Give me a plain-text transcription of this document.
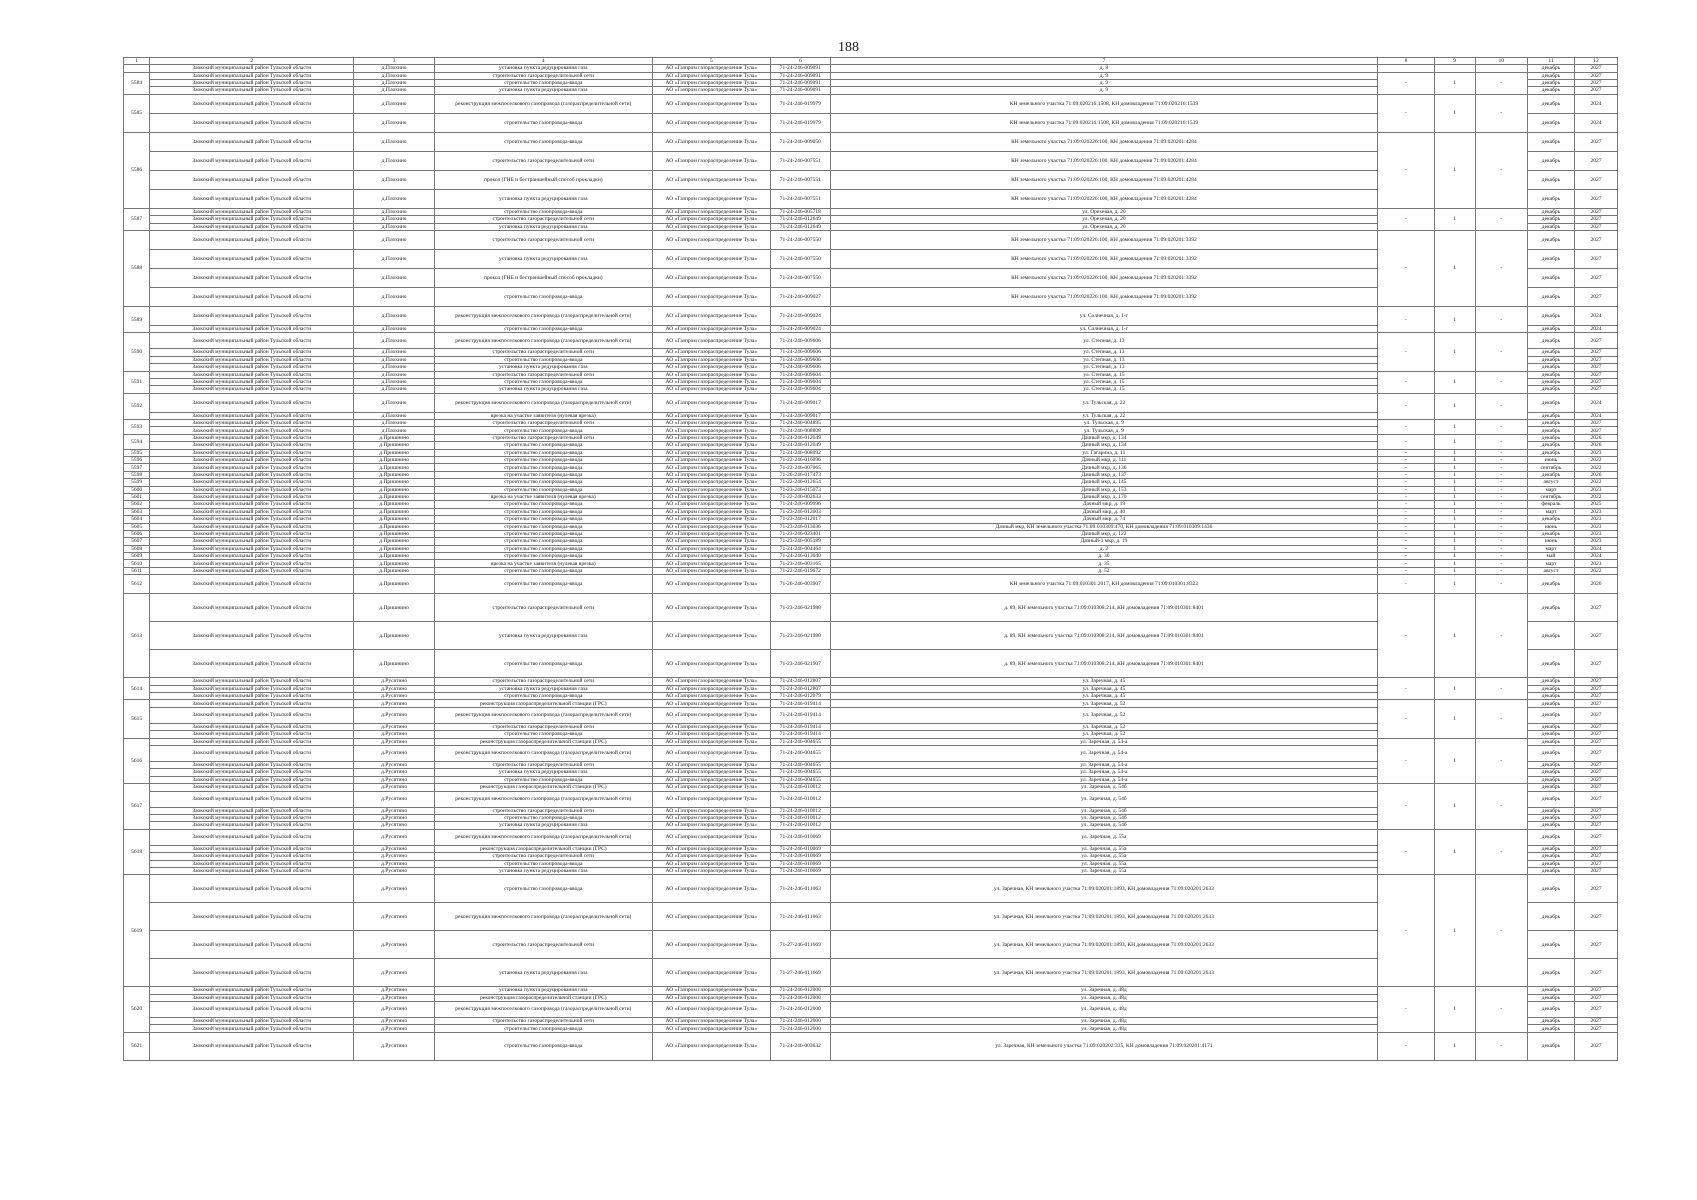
188
1	2	3	4	5	6	7	8	9	10	11	12
	Заокский муниципальный район Тульской области	д.Плохино	установка пункта редуцирования газа	АО «Газпром газораспределение Тула»	71-24-246-009091	д. 8				декабрь	2027
5584	Заокский муниципальный район Тульской области	д.Плохино	строительство газораспределительной сети	АО «Газпром газораспределение Тула»	71-24-246-009091	д. 9	-	1	-	декабрь	2027
	Заокский муниципальный район Тульской области	д.Плохино	строительство газопровода-ввода	АО «Газпром газораспределение Тула»	71-24-246-009091	д. 9				декабрь	2027
	Заокский муниципальный район Тульской области	д.Плохино	установка пункта редуцирования газа	АО «Газпром газораспределение Тула»	71-24-246-009091	д. 9				декабрь	2027
5585	Заокский муниципальный район Тульской области	д.Плохино	реконструкция межпоселкового газопровода (газораспределительной сети)	АО «Газпром газораспределение Тула»	71-24-246-019979	КН земельного участка 71:09:020216:1508, КН домовладения 71:09:020216:1539	-	1	-	декабрь	2024
	Заокский муниципальный район Тульской области	д.Плохино	строительство газопровода-ввода	АО «Газпром газораспределение Тула»	71-24-246-019979	КН земельного участка 71:09:020216:1508, КН домовладения 71:09:020216:1539				декабрь	2024
5586	Заокский муниципальный район Тульской области	д.Плохино	строительство газопровода-ввода	АО «Газпром газораспределение Тула»	71-24-246-009050	КН земельного участка 71:09:020226:100, КН домовладения 71:09:020201:4284	-	1	-	декабрь	2027
	Заокский муниципальный район Тульской области	д.Плохино	строительство газораспределительной сети	АО «Газпром газораспределение Тула»	71-24-246-007551	КН земельного участка 71:09:020226:100, КН домовладения 71:09:020201:4284				декабрь	2027
	Заокский муниципальный район Тульской области	д.Плохино	прокол (ГНБ и бестраншейный способ прокладки)	АО «Газпром газораспределение Тула»	71-24-246-007551	КН земельного участка 71:09:020226:100, КН домовладения 71:09:020201:4284				декабрь	2027
	Заокский муниципальный район Тульской области	д.Плохино	установка пункта редуцирования газа	АО «Газпром газораспределение Тула»	71-24-246-007551	КН земельного участка 71:09:020226:100, КН домовладения 71:09:020201:4284				декабрь	2027
5587	Заокский муниципальный район Тульской области	д.Плохино	строительство газопровода-ввода	АО «Газпром газораспределение Тула»	71-24-246-005718	ул. Орехевая, д. 20	-	1	-	декабрь	2027
	Заокский муниципальный район Тульской области	д.Плохино	строительство газораспределительной сети	АО «Газпром газораспределение Тула»	71-24-246-012649	ул. Орехевая, д. 20				декабрь	2027
	Заокский муниципальный район Тульской области	д.Плохино	установка пункта редуцирования газа	АО «Газпром газораспределение Тула»	71-24-246-012649	ул. Орехевая, д. 20				декабрь	2027
5588	Заокский муниципальный район Тульской области	д.Плохино	строительство газораспределительной сети	АО «Газпром газораспределение Тула»	71-24-246-007550	КН земельного участка 71:09:020226:100, КН домовладения 71:09:020201:3392	-	1	-	декабрь	2027
	Заокский муниципальный район Тульской области	д.Плохино	установка пункта редуцирования газа	АО «Газпром газораспределение Тула»	71-24-246-007550	КН земельного участка 71:09:020226:100, КН домовладения 71:09:020201:3392				декабрь	2027
	Заокский муниципальный район Тульской области	д.Плохино	прокол (ГНБ и бестраншейный способ прокладки)	АО «Газпром газораспределение Тула»	71-24-246-007550	КН земельного участка 71:09:020226:100, КН домовладения 71:09:020201:3392				декабрь	2027
	Заокский муниципальный район Тульской области	д.Плохино	строительство газопровода-ввода	АО «Газпром газораспределение Тула»	71-24-246-009027	КН земельного участка 71:09:020226:100, КН домовладения 71:09:020201:3392				декабрь	2027
5589	Заокский муниципальный район Тульской области	д.Плохино	реконструкция межпоселкового газопровода (газораспределительной сети)	АО «Газпром газораспределение Тула»	71-24-246-009024	ул. Солнечная, д. 1-г	-	1	-	декабрь	2024
	Заокский муниципальный район Тульской области	д.Плохино	строительство газопровода-ввода	АО «Газпром газораспределение Тула»	71-24-246-009024	ул. Солнечная, д. 1-г				декабрь	2024
5590	Заокский муниципальный район Тульской области	д.Плохино	реконструкция межпоселкового газопровода (газораспределительной сети)	АО «Газпром газораспределение Тула»	71-24-246-009606	ул. Степная, д. 13	-	1	-	декабрь	2027
	Заокский муниципальный район Тульской области	д.Плохино	строительство газораспределительной сети	АО «Газпром газораспределение Тула»	71-24-246-009606	ул. Степная, д. 13				декабрь	2027
	Заокский муниципальный район Тульской области	д.Плохино	строительство газопровода-ввода	АО «Газпром газораспределение Тула»	71-24-246-009606	ул. Степная, д. 13				декабрь	2027
	Заокский муниципальный район Тульской области	д.Плохино	установка пункта редуцирования газа	АО «Газпром газораспределение Тула»	71-24-246-009606	ул. Степная, д. 13				декабрь	2027
5591	Заокский муниципальный район Тульской области	д.Плохино	строительство газораспределительной сети	АО «Газпром газораспределение Тула»	71-24-246-009604	ул. Степная, д. 15	-	1	-	декабрь	2027
	Заокский муниципальный район Тульской области	д.Плохино	строительство газопровода-ввода	АО «Газпром газораспределение Тула»	71-24-246-009604	ул. Степная, д. 15				декабрь	2027
	Заокский муниципальный район Тульской области	д.Плохино	установка пункта редуцирования газа	АО «Газпром газораспределение Тула»	71-24-246-009604	ул. Степная, д. 15				декабрь	2027
5592	Заокский муниципальный район Тульской области	д.Плохино	реконструкция межпоселкового газопровода (газораспределительной сети)	АО «Газпром газораспределение Тула»	71-24-246-009017	ул. Тульская, д. 22	-	1	-	декабрь	2024
	Заокский муниципальный район Тульской области	д.Плохино	врезка на участке заявителя (нулевая врезка)	АО «Газпром газораспределение Тула»	71-24-246-009017	ул. Тульская, д. 22				декабрь	2024
5593	Заокский муниципальный район Тульской области	д.Плохино	строительство газораспределительной сети	АО «Газпром газораспределение Тула»	71-24-246-004895	ул. Тульская, д. 9	-	1	-	декабрь	2027
	Заокский муниципальный район Тульской области	д.Плохино	строительство газопровода-ввода	АО «Газпром газораспределение Тула»	71-24-246-008808	ул. Тульская, д. 9				декабрь	2027
5594	Заокский муниципальный район Тульской области	д.Пришнино	строительство газораспределительной сети	АО «Газпром газораспределение Тула»	71-24-246-012049	Дачный мкр, д. 134	-	1	-	декабрь	2026
	Заокский муниципальный район Тульской области	д.Пришнино	строительство газопровода-ввода	АО «Газпром газораспределение Тула»	71-24-246-012049	Дачный мкр, д. 134				декабрь	2026
5595	Заокский муниципальный район Тульской области	д.Пришнино	строительство газопровода-ввода	АО «Газпром газораспределение Тула»	71-24-246-008092	ул. Гагарина, д. 11	-	1	-	декабрь	2023
5596	Заокский муниципальный район Тульской области	д.Пришнино	строительство газопровода-ввода	АО «Газпром газораспределение Тула»	71-22-246-016096	Дачный мкр, д. 111	-	1	-	июнь	2022
5597	Заокский муниципальный район Тульской области	д.Пришнино	строительство газопровода-ввода	АО «Газпром газораспределение Тула»	71-22-246-007065	Дачный мкр, д. 136	-	1	-	сентябрь	2022
5598	Заокский муниципальный район Тульской области	д.Пришнино	строительство газопровода-ввода	АО «Газпром газораспределение Тула»	71-26-246-017473	Дачный мкр, д. 137	-	1	-	декабрь	2026
5599	Заокский муниципальный район Тульской области	д.Пришнино	строительство газопровода-ввода	АО «Газпром газораспределение Тула»	71-22-246-012654	Дачный мкр, д. 145	-	1	-	август	2022
5600	Заокский муниципальный район Тульской области	д.Пришнино	строительство газопровода-ввода	АО «Газпром газораспределение Тула»	71-23-246-015073	Дачный мкр, д. 153	-	1	-	март	2023
5601	Заокский муниципальный район Тульской области	д.Пришнино	врезка на участке заявителя (нулевая врезка)	АО «Газпром газораспределение Тула»	71-22-246-002633	Дачный мкр, д. 170	-	1	-	сентябрь	2022
5602	Заокский муниципальный район Тульской области	д.Пришнино	строительство газопровода-ввода	АО «Газпром газораспределение Тула»	71-24-246-009996	Дачный мкр, д. 19	-	1	-	февраль	2025
5603	Заокский муниципальный район Тульской области	д.Пришнино	строительство газопровода-ввода	АО «Газпром газораспределение Тула»	71-23-246-012003	Дачный мкр, д. 40	-	1	-	март	2023
5604	Заокский муниципальный район Тульской области	д.Пришнино	строительство газопровода-ввода	АО «Газпром газораспределение Тула»	71-23-246-012017	Дачный мкр, д. 74	-	1	-	декабрь	2023
5605	Заокский муниципальный район Тульской области	д.Пришнино	строительство газопровода-ввода	АО «Газпром газораспределение Тула»	71-23-246-013036	Дачный мкр, КН земельного участка 71:09:010309:470, КН домовладения 71:09:010309:1436	-	1	-	июнь	2023
5606	Заокский муниципальный район Тульской области	д.Пришнино	строительство газопровода-ввода	АО «Газпром газораспределение Тула»	71-23-246-023401	Дачный мкр, д. 122	-	1	-	декабрь	2023
5607	Заокский муниципальный район Тульской области	д.Пришнино	строительство газопровода-ввода	АО «Газпром газораспределение Тула»	71-23-246-005189	Дачный-1 мкр, д. 19	-	1	-	июнь	2023
5608	Заокский муниципальный район Тульской области	д.Пришнино	строительство газопровода-ввода	АО «Газпром газораспределение Тула»	71-24-246-004464	д. 2	-	1	-	март	2024
5609	Заокский муниципальный район Тульской области	д.Пришнино	строительство газопровода-ввода	АО «Газпром газораспределение Тула»	71-24-246-013040	д. 30	-	1	-	май	2024
5610	Заокский муниципальный район Тульской области	д.Пришнино	врезка на участке заявителя (нулевая врезка)	АО «Газпром газораспределение Тула»	71-23-246-003165	д. 35	-	1	-	март	2023
5611	Заокский муниципальный район Тульской области	д.Пришнино	строительство газопровода-ввода	АО «Газпром газораспределение Тула»	71-22-246-019672	д. 52	-	1	-	август	2022
5612	Заокский муниципальный район Тульской области	д.Пришнино	строительство газопровода-ввода	АО «Газпром газораспределение Тула»	71-26-246-003907	КН земельного участка 71:09:010301:2017, КН домовладения 71:09:010301:8322	-	1	-	декабрь	2026
5613	Заокский муниципальный район Тульской области	д.Пришнино	строительство газораспределительной сети	АО «Газпром газораспределение Тула»	71-23-246-021980	д. 89, КН земельного участка 71:09:010308:214, КН домовладения 71:09:010301:8401	-	1	-	декабрь	2027
	Заокский муниципальный район Тульской области	д.Пришнино	установка пункта редуцирования газа	АО «Газпром газораспределение Тула»	71-23-246-021980	д. 89, КН земельного участка 71:09:010308:214, КН домовладения 71:09:010301:8401				декабрь	2027
	Заокский муниципальный район Тульской области	д.Пришнино	строительство газопровода-ввода	АО «Газпром газораспределение Тула»	71-23-246-021907	д. 89, КН земельного участка 71:09:010308:214, КН домовладения 71:09:010301:8401				декабрь	2027
5614	Заокский муниципальный район Тульской области	д.Русятино	строительство газораспределительной сети	АО «Газпром газораспределение Тула»	71-24-246-012807	ул. Заречная, д. 45	-	1	-	декабрь	2027
	Заокский муниципальный район Тульской области	д.Русятино	установка пункта редуцирования газа	АО «Газпром газораспределение Тула»	71-24-246-012807	ул. Заречная, д. 45				декабрь	2027
	Заокский муниципальный район Тульской области	д.Русятино	строительство газопровода-ввода	АО «Газпром газораспределение Тула»	71-24-246-012079	ул. Заречная, д. 45				декабрь	2027
5615	Заокский муниципальный район Тульской области	д.Русятино	реконструкция газораспределительной станции (ГРС)	АО «Газпром газораспределение Тула»	71-24-246-019414	ул. Заречная, д. 52	-	1	-	декабрь	2027
	Заокский муниципальный район Тульской области	д.Русятино	реконструкция межпоселкового газопровода (газораспределительной сети)	АО «Газпром газораспределение Тула»	71-24-246-019414	ул. Заречная, д. 52				декабрь	2027
	Заокский муниципальный район Тульской области	д.Русятино	строительство газораспределительной сети	АО «Газпром газораспределение Тула»	71-24-246-019414	ул. Заречная, д. 52				декабрь	2027
	Заокский муниципальный район Тульской области	д.Русятино	строительство газопровода-ввода	АО «Газпром газораспределение Тула»	71-24-246-019414	ул. Заречная, д. 52				декабрь	2027
5616	Заокский муниципальный район Тульской области	д.Русятино	реконструкция газораспределительной станции (ГРС)	АО «Газпром газораспределение Тула»	71-24-246-004655	ул. Заречная, д. 54-а	-	1	-	декабрь	2027
	Заокский муниципальный район Тульской области	д.Русятино	реконструкция межпоселкового газопровода (газораспределительной сети)	АО «Газпром газораспределение Тула»	71-24-246-004655	ул. Заречная, д. 54-а				декабрь	2027
	Заокский муниципальный район Тульской области	д.Русятино	строительство газораспределительной сети	АО «Газпром газораспределение Тула»	71-24-246-004655	ул. Заречная, д. 54-а				декабрь	2027
	Заокский муниципальный район Тульской области	д.Русятино	установка пункта редуцирования газа	АО «Газпром газораспределение Тула»	71-24-246-004655	ул. Заречная, д. 54-а				декабрь	2027
	Заокский муниципальный район Тульской области	д.Русятино	строительство газопровода-ввода	АО «Газпром газораспределение Тула»	71-24-246-004655	ул. Заречная, д. 54-а				декабрь	2027
5617	Заокский муниципальный район Тульской области	д.Русятино	реконструкция газораспределительной станции (ГРС)	АО «Газпром газораспределение Тула»	71-24-246-010012	ул. Заречная, д. 54б	-	1	-	декабрь	2027
	Заокский муниципальный район Тульской области	д.Русятино	реконструкция межпоселкового газопровода (газораспределительной сети)	АО «Газпром газораспределение Тула»	71-24-246-010012	ул. Заречная, д. 54б				декабрь	2027
	Заокский муниципальный район Тульской области	д.Русятино	строительство газораспределительной сети	АО «Газпром газораспределение Тула»	71-24-246-010012	ул. Заречная, д. 54б				декабрь	2027
	Заокский муниципальный район Тульской области	д.Русятино	строительство газопровода-ввода	АО «Газпром газораспределение Тула»	71-24-246-010012	ул. Заречная, д. 54б				декабрь	2027
	Заокский муниципальный район Тульской области	д.Русятино	установка пункта редуцирования газа	АО «Газпром газораспределение Тула»	71-24-246-010012	ул. Заречная, д. 54б				декабрь	2027
5618	Заокский муниципальный район Тульской области	д.Русятино	реконструкция межпоселкового газопровода (газораспределительной сети)	АО «Газпром газораспределение Тула»	71-24-246-010069	ул. Заречная, д. 55а	-	1	-	декабрь	2027
	Заокский муниципальный район Тульской области	д.Русятино	реконструкция газораспределительной станции (ГРС)	АО «Газпром газораспределение Тула»	71-24-246-010069	ул. Заречная, д. 55а				декабрь	2027
	Заокский муниципальный район Тульской области	д.Русятино	строительство газораспределительной сети	АО «Газпром газораспределение Тула»	71-24-246-010069	ул. Заречная, д. 55а				декабрь	2027
	Заокский муниципальный район Тульской области	д.Русятино	строительство газопровода-ввода	АО «Газпром газораспределение Тула»	71-24-246-010069	ул. Заречная, д. 55а				декабрь	2027
	Заокский муниципальный район Тульской области	д.Русятино	установка пункта редуцирования газа	АО «Газпром газораспределение Тула»	71-24-246-010069	ул. Заречная, д. 55а				декабрь	2027
5619	Заокский муниципальный район Тульской области	д.Русятино	строительство газопровода-ввода	АО «Газпром газораспределение Тула»	71-24-246-011063	ул. Заречная, КН земельного участка 71:09:020201:1893, КН домовладения 71:09:020201:2633	-	1	-	декабрь	2027
	Заокский муниципальный район Тульской области	д.Русятино	реконструкция межпоселкового газопровода (газораспределительной сети)	АО «Газпром газораспределение Тула»	71-24-246-011063	ул. Заречная, КН земельного участка 71:09:020201:1893, КН домовладения 71:09:020201:2633				декабрь	2027
	Заокский муниципальный район Тульской области	д.Русятино	строительство газораспределительной сети	АО «Газпром газораспределение Тула»	71-27-246-011669	ул. Заречная, КН земельного участка 71:09:020201:1893, КН домовладения 71:09:020201:2633				декабрь	2027
	Заокский муниципальный район Тульской области	д.Русятино	установка пункта редуцирования газа	АО «Газпром газораспределение Тула»	71-27-246-011669	ул. Заречная, КН земельного участка 71:09:020201:1893, КН домовладения 71:09:020201:2633				декабрь	2027
5620	Заокский муниципальный район Тульской области	д.Русятино	установка пункта редуцирования газа	АО «Газпром газораспределение Тула»	71-24-246-012000	ул. Заречная, д. 48д	-	1	-	декабрь	2027
	Заокский муниципальный район Тульской области	д.Русятино	реконструкция газораспределительной станции (ГРС)	АО «Газпром газораспределение Тула»	71-24-246-012000	ул. Заречная, д. 48д				декабрь	2027
	Заокский муниципальный район Тульской области	д.Русятино	реконструкция межпоселкового газопровода (газораспределительной сети)	АО «Газпром газораспределение Тула»	71-24-246-012000	ул. Заречная, д. 48д				декабрь	2027
	Заокский муниципальный район Тульской области	д.Русятино	строительство газораспределительной сети	АО «Газпром газораспределение Тула»	71-24-246-012000	ул. Заречная, д. 48д				декабрь	2027
	Заокский муниципальный район Тульской области	д.Русятино	строительство газопровода-ввода	АО «Газпром газораспределение Тула»	71-24-246-012000	ул. Заречная, д. 48д				декабрь	2027
5621	Заокский муниципальный район Тульской области	д.Русятино	строительство газопровода-ввода	АО «Газпром газораспределение Тула»	71-24-246-003632	ул. Заречная, КН земельного участка 71:09:020202:335, КН домовладения 71:09:020201:4171	-	1	-	декабрь	2027
